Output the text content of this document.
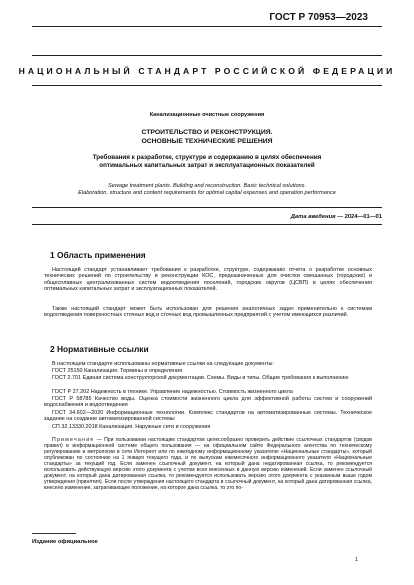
ГОСТ Р 70953—2023
НАЦИОНАЛЬНЫЙ СТАНДАРТ РОССИЙСКОЙ ФЕДЕРАЦИИ
Канализационные очистные сооружения
СТРОИТЕЛЬСТВО И РЕКОНСТРУКЦИЯ.
ОСНОВНЫЕ ТЕХНИЧЕСКИЕ РЕШЕНИЯ
Требования к разработке, структуре и содержанию в целях обеспечения
оптимальных капитальных затрат и эксплуатационных показателей
Sewage treatment plants. Building and reconstruction. Basic technical solutions.
Elaboration, structure and content requirements for optimal capital expenses and operation performance
Дата введения — 2024—01—01
1 Область применения

Настоящий стандарт устанавливает требования к разработке, структуре, содержанию отчета о разработке основных технических решений по строительству и реконструкции КОС, предназначенных для очистки смешанных (городских) и общесплавных централизованных систем водоотведения поселений, городских округов (ЦСВП) в целях обеспечения оптимальных капитальных затрат и эксплуатационных показателей.

Также настоящий стандарт может быть использован для решения аналогичных задач применительно к системам водоотведения поверхностных сточных вод и сточных вод промышленных предприятий с учетом имеющихся различий.

2 Нормативные ссылки

В настоящем стандарте использованы нормативные ссылки на следующие документы:

ГОСТ 25150 Канализация. Термины и определения

ГОСТ 2.701 Единая система конструкторской документации. Схемы. Виды и типы. Общие требования к выполнению

ГОСТ Р 27.202 Надежность в технике. Управление надежностью. Стоимость жизненного цикла

ГОСТ Р 58785 Качество воды. Оценка стоимости жизненного цикла для эффективной работы систем и сооружений водоснабжения и водоотведения

ГОСТ 34.602—2020 Информационные технологии. Комплекс стандартов на автоматизированные системы. Техническое задание на создание автоматизированной системы

СП 32.13330.2018 Канализация. Наружные сети и сооружения

Примечание — При пользовании настоящим стандартом целесообразно проверить действие ссылочных стандартов (сводов правил) в информационной системе общего пользования — на официальном сайте Федерального агентства по техническому регулированию и метрологии в сети Интернет или по ежегодному информационному указателю «Национальные стандарты», который опубликован по состоянию на 1 января текущего года, и по выпускам ежемесячного информационного указателя «Национальные стандарты» за текущий год. Если заменен ссылочный документ, на который дана недатированная ссылка, то рекомендуется использовать действующую версию этого документа с учетом всех внесенных в данную версию изменений. Если заменен ссылочный документ, на который дана датированная ссылка, то рекомендуется использовать версию этого документа с указанным выше годом утверждения (принятия). Если после утверждения настоящего стандарта в ссылочный документ, на который дана датированная ссылка, внесено изменение, затрагивающее положение, на которое дана ссылка, то это по-

Издание официальное
1
